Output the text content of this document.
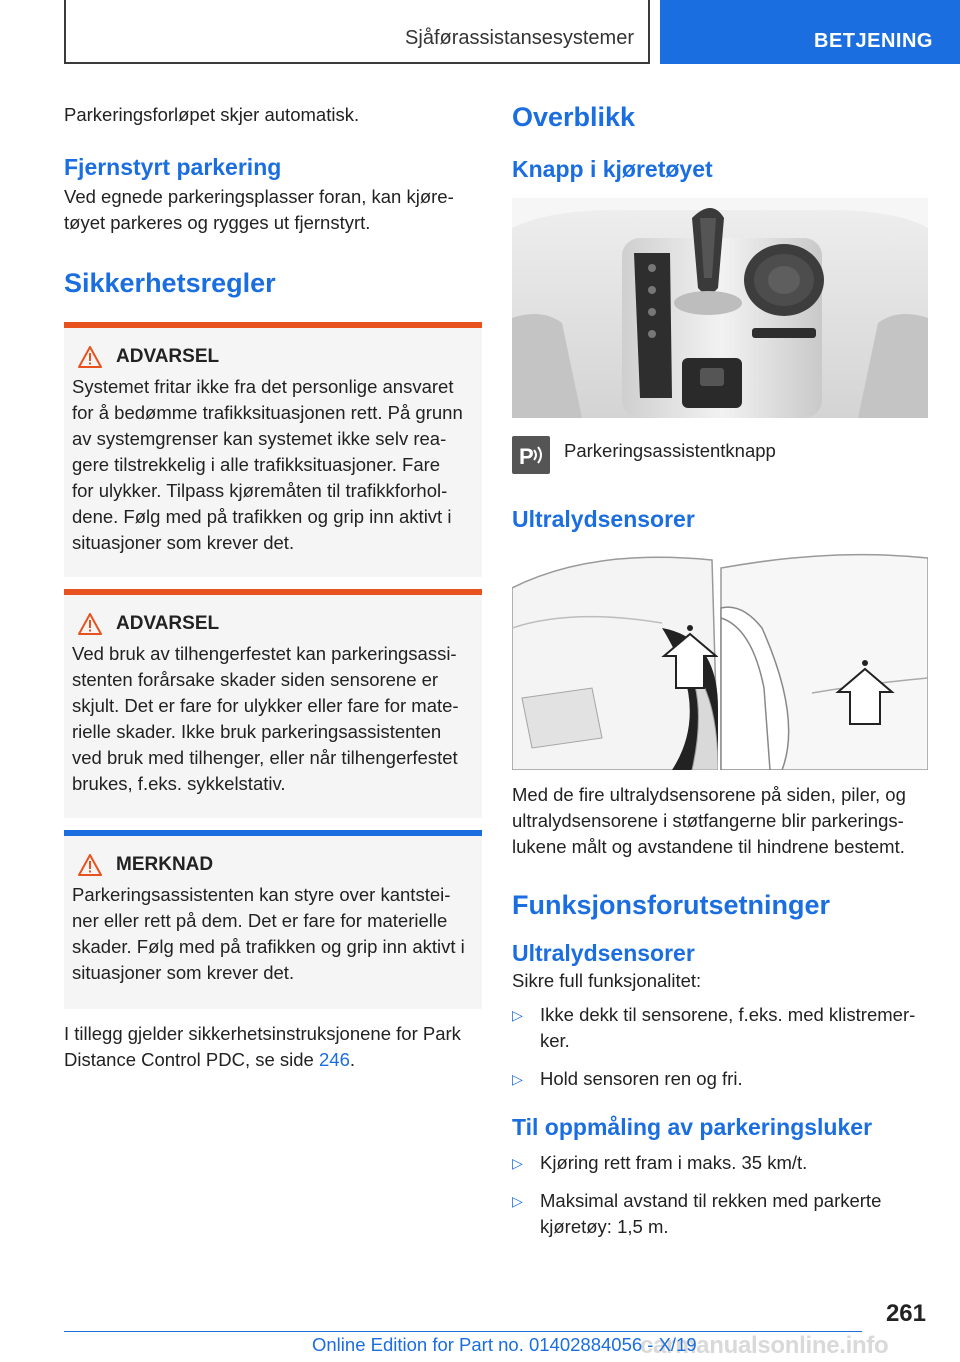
Sjåførassistansesystemer	BETJENING

Parkeringsforløpet skjer automatisk.

Fjernstyrt parkering

Ved egnede parkeringsplasser foran, kan kjøre-

tøyet parkeres og rygges ut fjernstyrt.

Sikkerhetsregler
ADVARSEL

Systemet fritar ikke fra det personlige ansvaret

for å bedømme trafikksituasjonen rett. På grunn

av systemgrenser kan systemet ikke selv rea-

gere tilstrekkelig i alle trafikksituasjoner. Fare

for ulykker. Tilpass kjøremåten til trafikkforhol-

dene. Følg med på trafikken og grip inn aktivt i

situasjoner som krever det.

ADVARSEL

Ved bruk av tilhengerfestet kan parkeringsassi-

stenten forårsake skader siden sensorene er

skjult. Det er fare for ulykker eller fare for mate-

rielle skader. Ikke bruk parkeringsassistenten

ved bruk med tilhenger, eller når tilhengerfestet

brukes, f.eks. sykkelstativ.

MERKNAD

Parkeringsassistenten kan styre over kantstei-

ner eller rett på dem. Det er fare for materielle

skader. Følg med på trafikken og grip inn aktivt i

situasjoner som krever det.

I tillegg gjelder sikkerhetsinstruksjonene for Park

Distance Control PDC, se side 246.

Overblikk
Knapp i kjøretøyet
P Parkeringsassistentknapp

Ultralydsensorer

Med de fire ultralydsensorene på siden, piler, og

ultralydsensorene i støtfangerne blir parkerings-

lukene målt og avstandene til hindrene bestemt.

Funksjonsforutsetninger
Ultralydsensorer

Sikre full funksjonalitet:

▷ Ikke dekk til sensorene, f.eks. med klistremer-
ker.
▷ Hold sensoren ren og fri.
Til oppmåling av parkeringsluker
▷ Kjøring rett fram i maks. 35 km/t.
▷ Maksimal avstand til rekken med parkerte
kjøretøy: 1,5 m.
261
carmanualsonline.info
Online Edition for Part no. 01402884056 - X/19
